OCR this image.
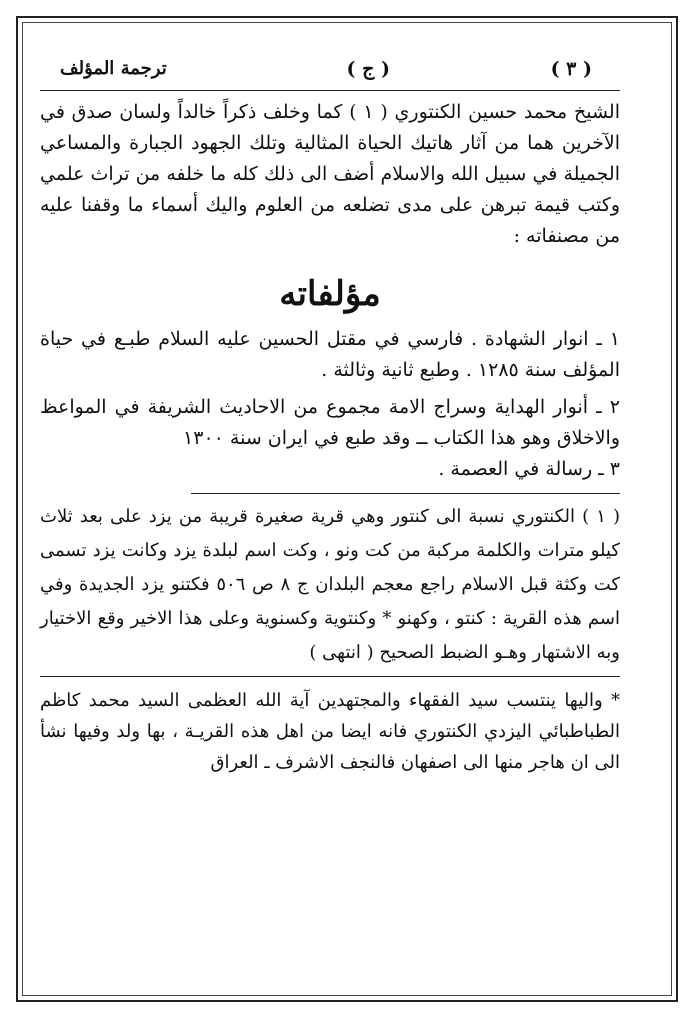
( ٣ )
( ج )
ترجمة المؤلف

الشيخ محمد حسين الكنتوري ( ١ ) كما وخلف ذكراً خالداً ولسان صدق في الآخرين هما من آثار هاتيك الحياة المثالية وتلك الجهود الجبارة والمساعي الجميلة في سبيل الله والاسلام أضف الى ذلك كله ما خلفه من تراث علمي وكتب قيمة تبرهن على مدى تضلعه من العلوم واليك أسماء ما وقفنا عليه من مصنفاته :

مؤلفاته

١ ـ انوار الشهادة . فارسي في مقتل الحسين عليه السلام طبـع في حياة المؤلف سنة ١٢٨٥ . وطبع ثانية وثالثة .

٢ ـ أنوار الهداية وسراج الامة مجموع من الاحاديث الشريفة في المواعظ والاخلاق وهو هذا الكتاب ــ وقد طبع في ايران سنة ١٣٠٠

٣ ـ رسالة في العصمة .

( ١ ) الكنتوري نسبة الى كنتور وهي قرية صغيرة قريبة من يزد على بعد ثلاث كيلو مترات والكلمة مركبة من كت ونو ، وكت اسم لبلدة يزد وكانت يزد تسمى كت وكثة قبل الاسلام راجع معجم البلدان ج ٨ ص ٥٠٦ فكتنو يزد الجديدة وفي اسم هذه القرية : كنتو ، وكهنو * وكنتوية وكسنوية وعلى هذا الاخير وقع الاختيار وبه الاشتهار وهـو الضبط الصحيح ( انتهى )

* واليها ينتسب سيد الفقهاء والمجتهدين آية الله العظمى السيد محمد كاظم الطباطبائي اليزدي الكنتوري فانه ايضا من اهل هذه القريـة ، بها ولد وفيها نشأ الى ان هاجر منها الى اصفهان فالنجف الاشرف ـ العراق
